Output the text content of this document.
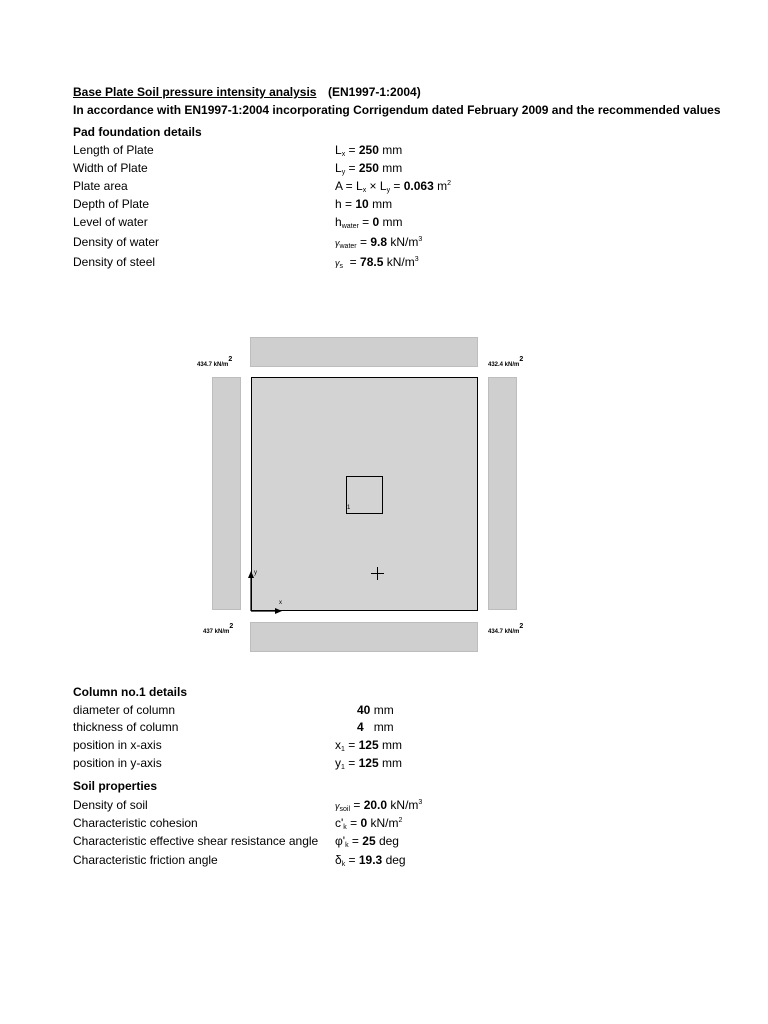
Base Plate Soil pressure intensity analysis (EN1997-1:2004)
In accordance with EN1997-1:2004 incorporating Corrigendum dated February 2009 and the recommended values
Pad foundation details
Length of Plate
Width of Plate
Plate area
Depth of Plate
Level of water
Density of water
Density of steel
$L_x = 250$ mm
$L_y = 250$ mm
$A = L_x \times L_y = 0.063$ $m^2$
h = 10 mm
$h_{water} = 0$ mm
$\gamma_{water} = 9.8$ $kN/m^3$
$\gamma_s = 78.5$ $kN/m^3$
1
434.7 kN/m2
432.4 kN/m2
437 kN/m2
434.7 kN/m2
y
x
Column no.1 details
diameter of column
thickness of column
position in x-axis
position in y-axis
40 mm
4   mm
$x_1 = 125$ mm
$y_1 = 125$ mm
Soil properties
Density of soil
Characteristic cohesion
Characteristic effective shear resistance angle
Characteristic friction angle
$\gamma_{soil} = 20.0$ $kN/m^3$
$c'_k = 0$ $kN/m^2$
$\varphi'_k = 25$ deg
$\delta_k = 19.3$ deg
